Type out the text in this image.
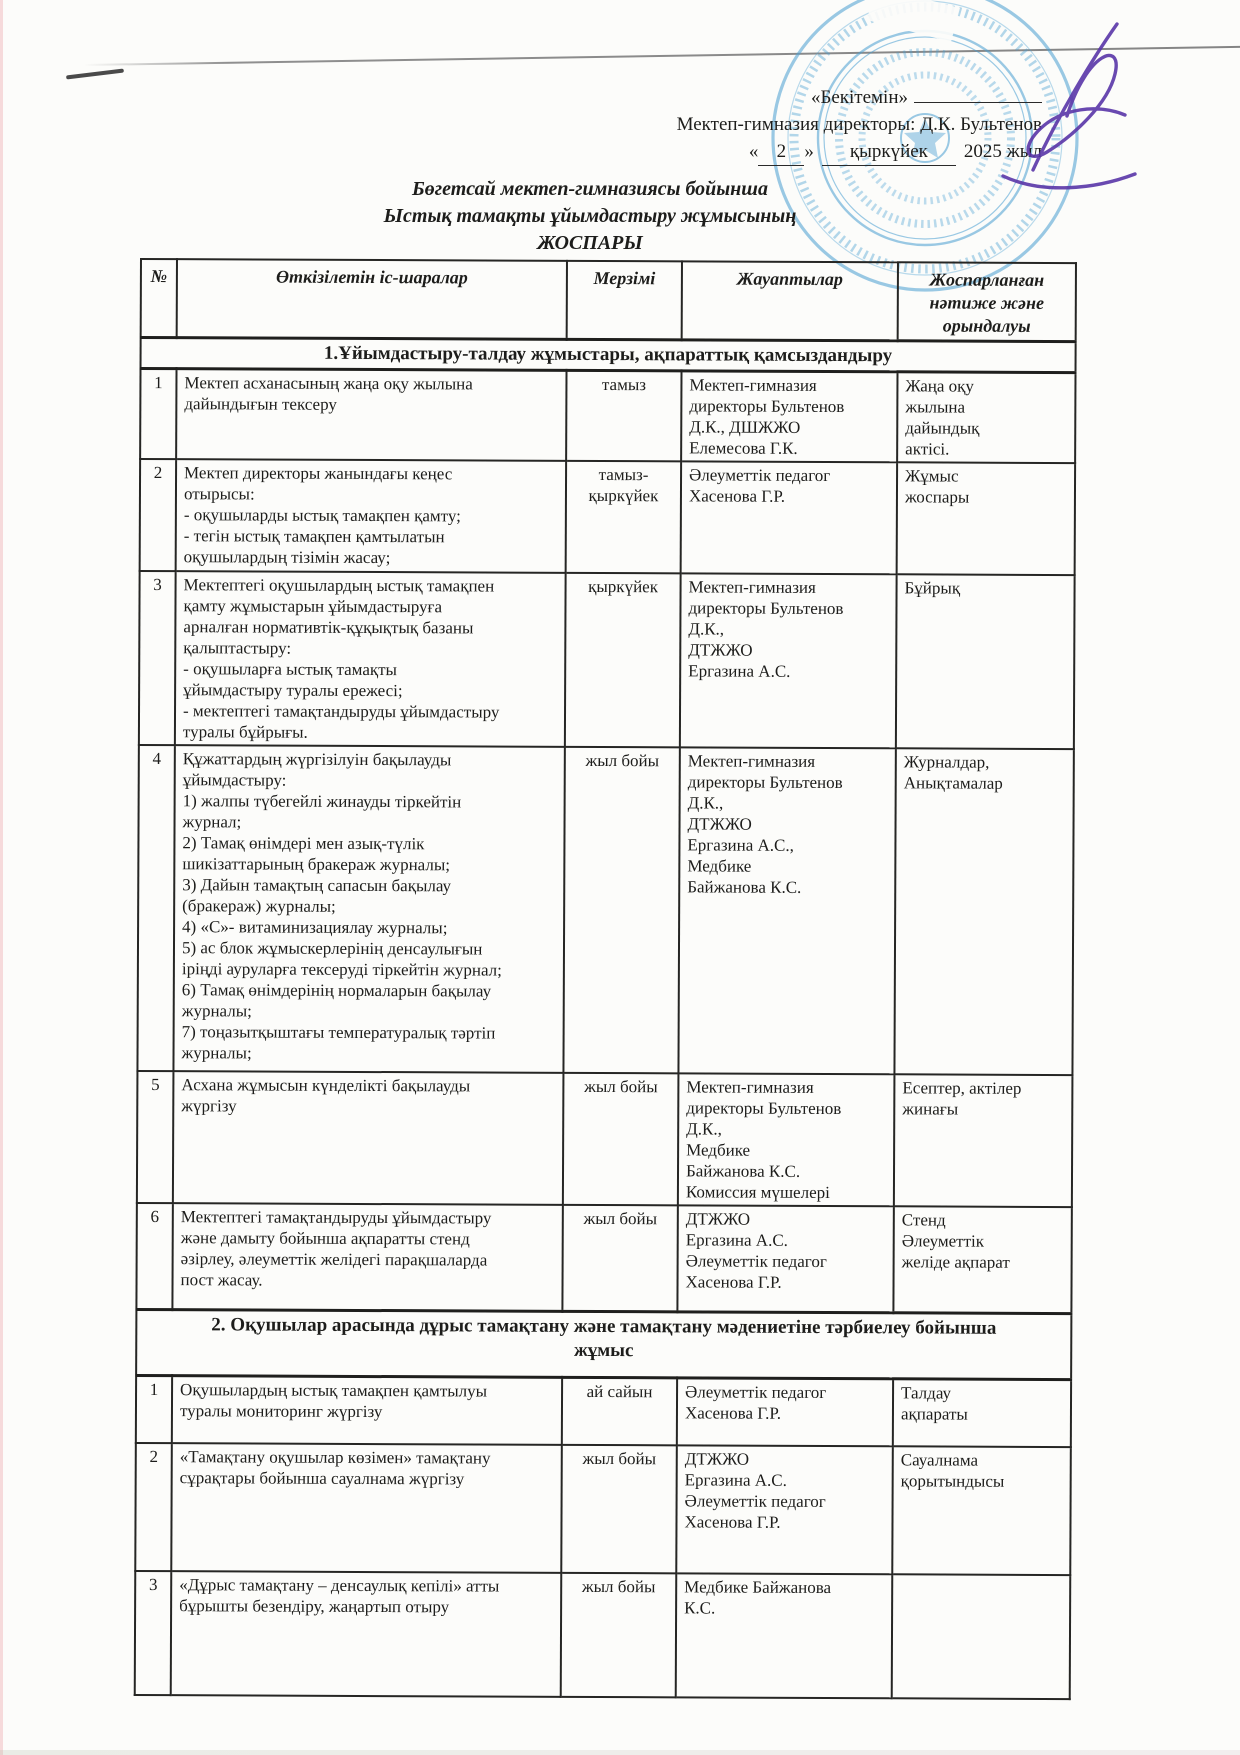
«Бекітемін»
Мектеп-гимназия директоры: Д.К. Бультенов
« 2 » қыркүйек 2025 жыл
Бөгетсай мектеп-гимназиясы бойынша
Ыстық тамақты ұйымдастыру жұмысының
ЖОСПАРЫ
№	Өткізілетін іс-шаралар	Мерзімі	Жауаптылар	Жоспарланған
нәтиже және
орындалуы
1.Ұйымдастыру-талдау жұмыстары, ақпараттық қамсыздандыру				
1	Мектеп асханасының жаңа оқу жылына
дайындығын тексеру	тамыз	Мектеп-гимназия
директоры Бультенов
Д.К., ДШЖЖО
Елемесова Г.К.	Жаңа оқу
жылына
дайындық
актісі.
2	Мектеп директоры жанындағы кеңес
отырысы:
- оқушыларды ыстық тамақпен қамту;
- тегін ыстық тамақпен қамтылатын
оқушылардың тізімін жасау;	тамыз-
қыркүйек	Әлеуметтік педагог
Хасенова Г.Р.	Жұмыс
жоспары
3	Мектептегі оқушылардың ыстық тамақпен
қамту жұмыстарын ұйымдастыруға
арналған нормативтік-құқықтық базаны
қалыптастыру:
- оқушыларға ыстық тамақты
ұйымдастыру туралы ережесі;
- мектептегі тамақтандыруды ұйымдастыру
туралы бұйрығы.	қыркүйек	Мектеп-гимназия
директоры Бультенов
Д.К.,
ДТЖЖО
Ергазина А.С.	Бұйрық
4	Құжаттардың жүргізілуін бақылауды
ұйымдастыру:
1) жалпы түбегейлі жинауды тіркейтін
журнал;
2) Тамақ өнімдері мен азық-түлік
шикізаттарының бракераж журналы;
3) Дайын тамақтың сапасын бақылау
(бракераж) журналы;
4) «С»- витаминизациялау журналы;
5) ас блок жұмыскерлерінің денсаулығын
іріңді ауруларға тексеруді тіркейтін журнал;
6) Тамақ өнімдерінің нормаларын бақылау
журналы;
7) тоңазытқыштағы температуралық тәртіп
журналы;	жыл бойы	Мектеп-гимназия
директоры Бультенов
Д.К.,
ДТЖЖО
Ергазина А.С.,
Медбике
Байжанова К.С.	Журналдар,
Анықтамалар
5	Асхана жұмысын күнделікті бақылауды
жүргізу	жыл бойы	Мектеп-гимназия
директоры Бультенов
Д.К.,
Медбике
Байжанова К.С.
Комиссия мүшелері	Есептер, актілер
жинағы
6	Мектептегі тамақтандыруды ұйымдастыру
және дамыту бойынша ақпаратты стенд
әзірлеу, әлеуметтік желідегі парақшаларда
пост жасау.	жыл бойы	ДТЖЖО
Ергазина А.С.
Әлеуметтік педагог
Хасенова Г.Р.	Стенд
Әлеуметтік
желіде ақпарат
2. Оқушылар арасында дұрыс тамақтану және тамақтану мәдениетіне тәрбиелеу бойынша
жұмыс				
1	Оқушылардың ыстық тамақпен қамтылуы
туралы мониторинг жүргізу	ай сайын	Әлеуметтік педагог
Хасенова Г.Р.	Талдау
ақпараты
2	«Тамақтану оқушылар көзімен» тамақтану
сұрақтары бойынша сауалнама жүргізу	жыл бойы	ДТЖЖО
Ергазина А.С.
Әлеуметтік педагог
Хасенова Г.Р.	Сауалнама
қорытындысы
3	«Дұрыс тамақтану – денсаулық кепілі» атты
бұрышты безендіру, жаңартып отыру	жыл бойы	Медбике Байжанова
К.С.	
